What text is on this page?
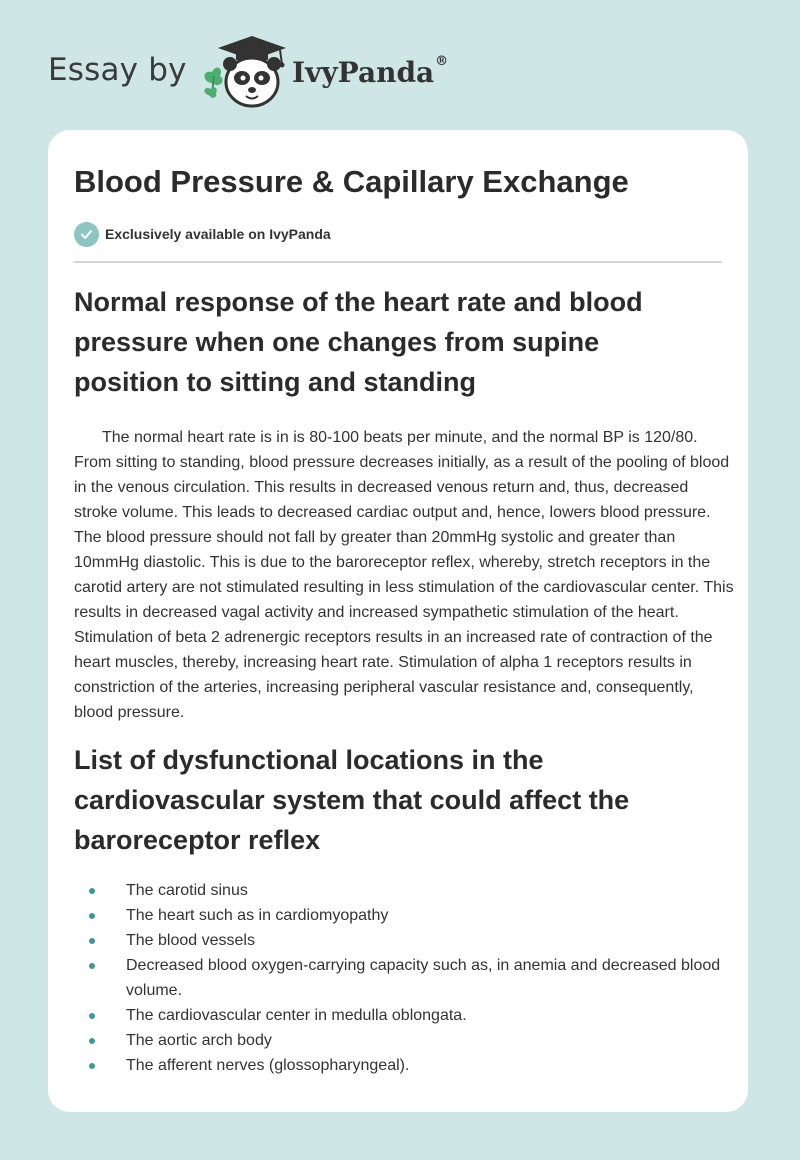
Essay by	IvyPanda®
Blood Pressure & Capillary Exchange
Exclusively available on IvyPanda
Normal response of the heart rate and blood pressure when one changes from supine position to sitting and standing

The normal heart rate is in is 80-100 beats per minute, and the normal BP is 120/80. From sitting to standing, blood pressure decreases initially, as a result of the pooling of blood in the venous circulation. This results in decreased venous return and, thus, decreased stroke volume. This leads to decreased cardiac output and, hence, lowers blood pressure. The blood pressure should not fall by greater than 20mmHg systolic and greater than 10mmHg diastolic. This is due to the baroreceptor reflex, whereby, stretch receptors in the carotid artery are not stimulated resulting in less stimulation of the cardiovascular center. This results in decreased vagal activity and increased sympathetic stimulation of the heart. Stimulation of beta 2 adrenergic receptors results in an increased rate of contraction of the heart muscles, thereby, increasing heart rate. Stimulation of alpha 1 receptors results in constriction of the arteries, increasing peripheral vascular resistance and, consequently, blood pressure.

List of dysfunctional locations in the cardiovascular system that could affect the baroreceptor reflex
The carotid sinus
The heart such as in cardiomyopathy
The blood vessels
Decreased blood oxygen-carrying capacity such as, in anemia and decreased blood volume.
The cardiovascular center in medulla oblongata.
The aortic arch body
The afferent nerves (glossopharyngeal).
